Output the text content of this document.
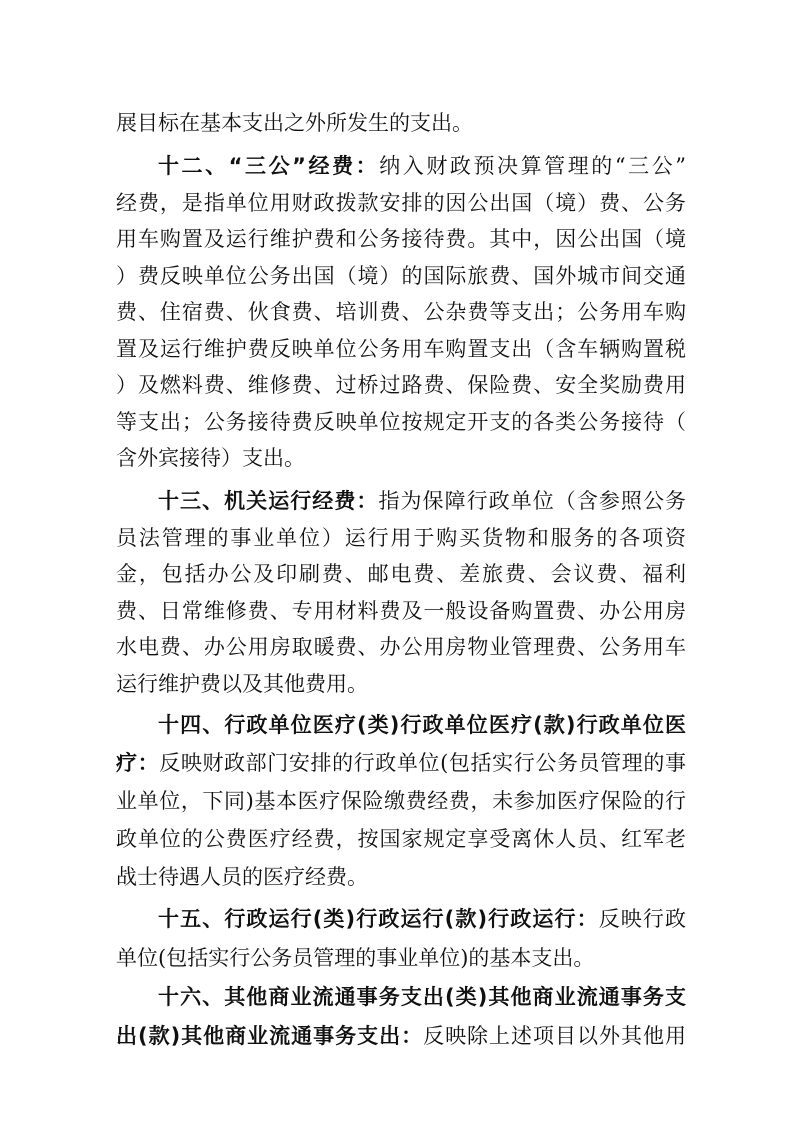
展目标在基本支出之外所发生的支出。
十二、“三公”经费：纳入财政预决算管理的“三公”
经费，是指单位用财政拨款安排的因公出国（境）费、公务
用车购置及运行维护费和公务接待费。其中，因公出国（境
）费反映单位公务出国（境）的国际旅费、国外城市间交通
费、住宿费、伙食费、培训费、公杂费等支出；公务用车购
置及运行维护费反映单位公务用车购置支出（含车辆购置税
）及燃料费、维修费、过桥过路费、保险费、安全奖励费用
等支出；公务接待费反映单位按规定开支的各类公务接待（
含外宾接待）支出。
十三、机关运行经费：指为保障行政单位（含参照公务
员法管理的事业单位）运行用于购买货物和服务的各项资
金，包括办公及印刷费、邮电费、差旅费、会议费、福利
费、日常维修费、专用材料费及一般设备购置费、办公用房
水电费、办公用房取暖费、办公用房物业管理费、公务用车
运行维护费以及其他费用。
十四、行政单位医疗(类)行政单位医疗(款)行政单位医
疗：反映财政部门安排的行政单位(包括实行公务员管理的事
业单位，下同)基本医疗保险缴费经费，未参加医疗保险的行
政单位的公费医疗经费，按国家规定享受离休人员、红军老
战士待遇人员的医疗经费。
十五、行政运行(类)行政运行(款)行政运行：反映行政
单位(包括实行公务员管理的事业单位)的基本支出。
十六、其他商业流通事务支出(类)其他商业流通事务支
出(款)其他商业流通事务支出：反映除上述项目以外其他用
